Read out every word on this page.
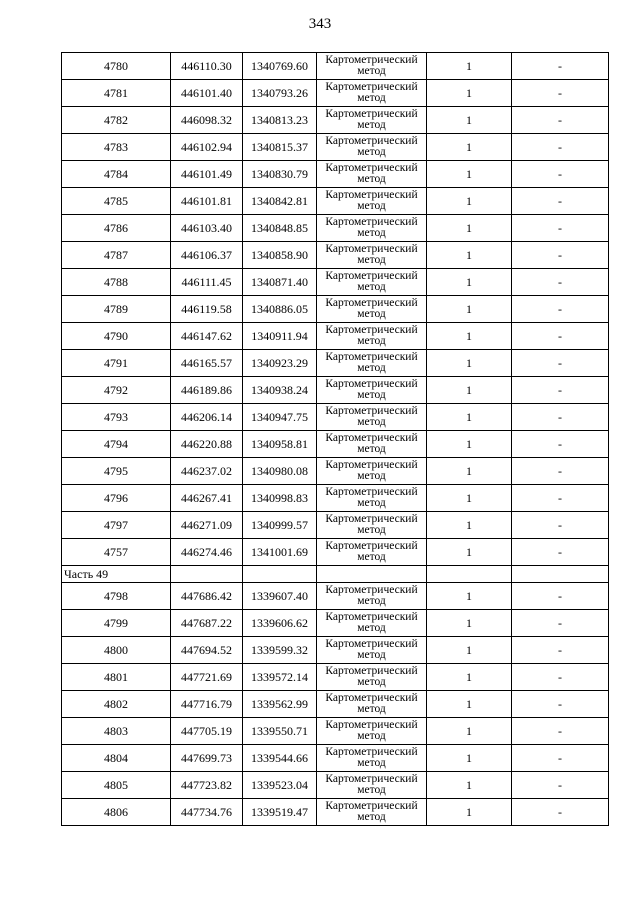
343
4780	446110.30	1340769.60	Картометрический метод	1	-
4781	446101.40	1340793.26	Картометрический метод	1	-
4782	446098.32	1340813.23	Картометрический метод	1	-
4783	446102.94	1340815.37	Картометрический метод	1	-
4784	446101.49	1340830.79	Картометрический метод	1	-
4785	446101.81	1340842.81	Картометрический метод	1	-
4786	446103.40	1340848.85	Картометрический метод	1	-
4787	446106.37	1340858.90	Картометрический метод	1	-
4788	446111.45	1340871.40	Картометрический метод	1	-
4789	446119.58	1340886.05	Картометрический метод	1	-
4790	446147.62	1340911.94	Картометрический метод	1	-
4791	446165.57	1340923.29	Картометрический метод	1	-
4792	446189.86	1340938.24	Картометрический метод	1	-
4793	446206.14	1340947.75	Картометрический метод	1	-
4794	446220.88	1340958.81	Картометрический метод	1	-
4795	446237.02	1340980.08	Картометрический метод	1	-
4796	446267.41	1340998.83	Картометрический метод	1	-
4797	446271.09	1340999.57	Картометрический метод	1	-
4757	446274.46	1341001.69	Картометрический метод	1	-
Часть 49					
4798	447686.42	1339607.40	Картометрический метод	1	-
4799	447687.22	1339606.62	Картометрический метод	1	-
4800	447694.52	1339599.32	Картометрический метод	1	-
4801	447721.69	1339572.14	Картометрический метод	1	-
4802	447716.79	1339562.99	Картометрический метод	1	-
4803	447705.19	1339550.71	Картометрический метод	1	-
4804	447699.73	1339544.66	Картометрический метод	1	-
4805	447723.82	1339523.04	Картометрический метод	1	-
4806	447734.76	1339519.47	Картометрический метод	1	-
